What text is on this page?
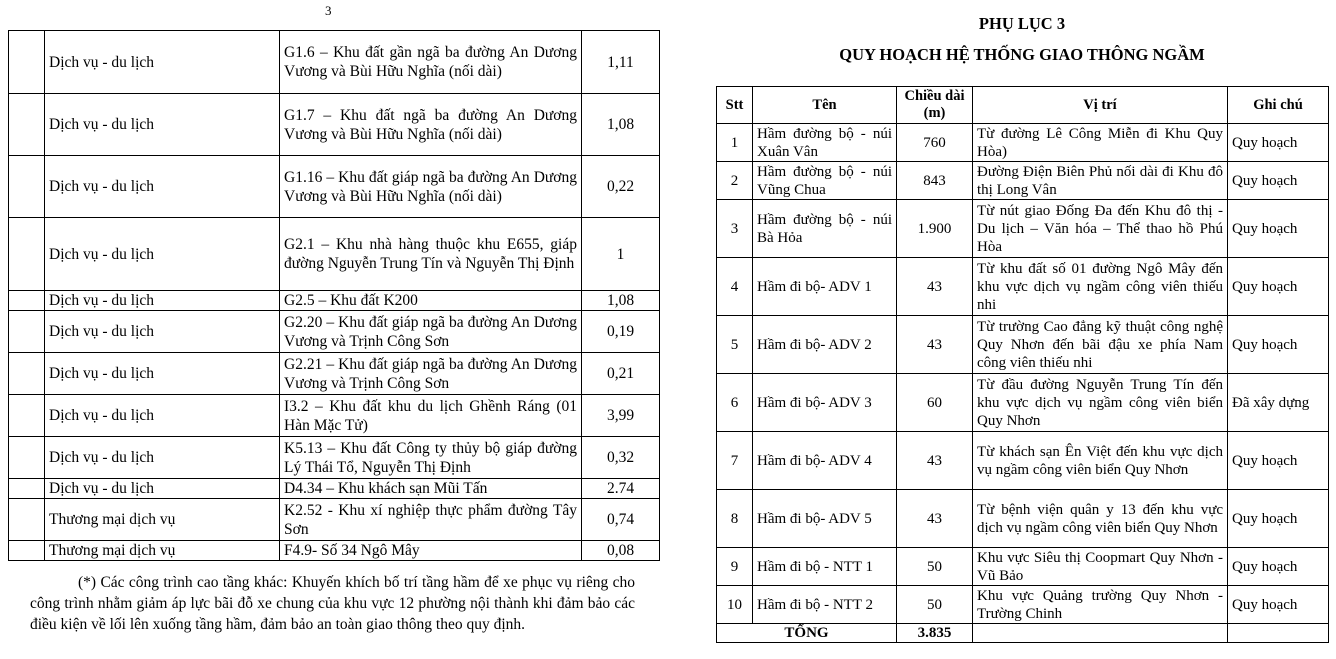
3
	Dịch vụ - du lịch	G1.6 – Khu đất gần ngã ba đường An Dương Vương và Bùi Hữu Nghĩa (nối dài)	1,11
	Dịch vụ - du lịch	G1.7 – Khu đất ngã ba đường An Dương Vương và Bùi Hữu Nghĩa (nối dài)	1,08
	Dịch vụ - du lịch	G1.16 – Khu đất giáp ngã ba đường An Dương Vương và Bùi Hữu Nghĩa (nối dài)	0,22
	Dịch vụ - du lịch	G2.1 – Khu nhà hàng thuộc khu E655, giáp đường Nguyễn Trung Tín và Nguyễn Thị Định	1
	Dịch vụ - du lịch	G2.5 – Khu đất K200	1,08
	Dịch vụ - du lịch	G2.20 – Khu đất giáp ngã ba đường An Dương Vương và Trịnh Công Sơn	0,19
	Dịch vụ - du lịch	G2.21 – Khu đất giáp ngã ba đường An Dương Vương và Trịnh Công Sơn	0,21
	Dịch vụ - du lịch	I3.2 – Khu đất khu du lịch Ghềnh Ráng (01 Hàn Mặc Tử)	3,99
	Dịch vụ - du lịch	K5.13 – Khu đất Công ty thủy bộ giáp đường Lý Thái Tổ, Nguyễn Thị Định	0,32
	Dịch vụ - du lịch	D4.34 – Khu khách sạn Mũi Tấn	2.74
	Thương mại dịch vụ	K2.52 - Khu xí nghiệp thực phẩm đường Tây Sơn	0,74
	Thương mại dịch vụ	F4.9- Số 34 Ngô Mây	0,08
(*) Các công trình cao tầng khác: Khuyến khích bố trí tầng hầm để xe phục vụ riêng cho công trình nhằm giảm áp lực bãi đỗ xe chung của khu vực 12 phường nội thành khi đảm bảo các điều kiện về lối lên xuống tầng hầm, đảm bảo an toàn giao thông theo quy định.
PHỤ LỤC 3
QUY HOẠCH HỆ THỐNG GIAO THÔNG NGẦM
Stt	Tên	Chiều dài (m)	Vị trí	Ghi chú
1	Hầm đường bộ - núi Xuân Vân	760	Từ đường Lê Công Miễn đi Khu Quy Hòa)	Quy hoạch
2	Hầm đường bộ - núi Vũng Chua	843	Đường Điện Biên Phủ nối dài đi Khu đô thị Long Vân	Quy hoạch
3	Hầm đường bộ - núi Bà Hỏa	1.900	Từ nút giao Đống Đa đến Khu đô thị - Du lịch – Văn hóa – Thể thao hồ Phú Hòa	Quy hoạch
4	Hầm đi bộ- ADV 1	43	Từ khu đất số 01 đường Ngô Mây đến khu vực dịch vụ ngầm công viên thiếu nhi	Quy hoạch
5	Hầm đi bộ- ADV 2	43	Từ trường Cao đẳng kỹ thuật công nghệ Quy Nhơn đến bãi đậu xe phía Nam công viên thiếu nhi	Quy hoạch
6	Hầm đi bộ- ADV 3	60	Từ đầu đường Nguyễn Trung Tín đến khu vực dịch vụ ngầm công viên biển Quy Nhơn	Đã xây dựng
7	Hầm đi bộ- ADV 4	43	Từ khách sạn Ên Việt đến khu vực dịch vụ ngầm công viên biển Quy Nhơn	Quy hoạch
8	Hầm đi bộ- ADV 5	43	Từ bệnh viện quân y 13 đến khu vực dịch vụ ngầm công viên biển Quy Nhơn	Quy hoạch
9	Hầm đi bộ - NTT 1	50	Khu vực Siêu thị Coopmart Quy Nhơn - Vũ Bảo	Quy hoạch
10	Hầm đi bộ - NTT 2	50	Khu vực Quảng trường Quy Nhơn - Trường Chinh	Quy hoạch
TỔNG		3.835		
